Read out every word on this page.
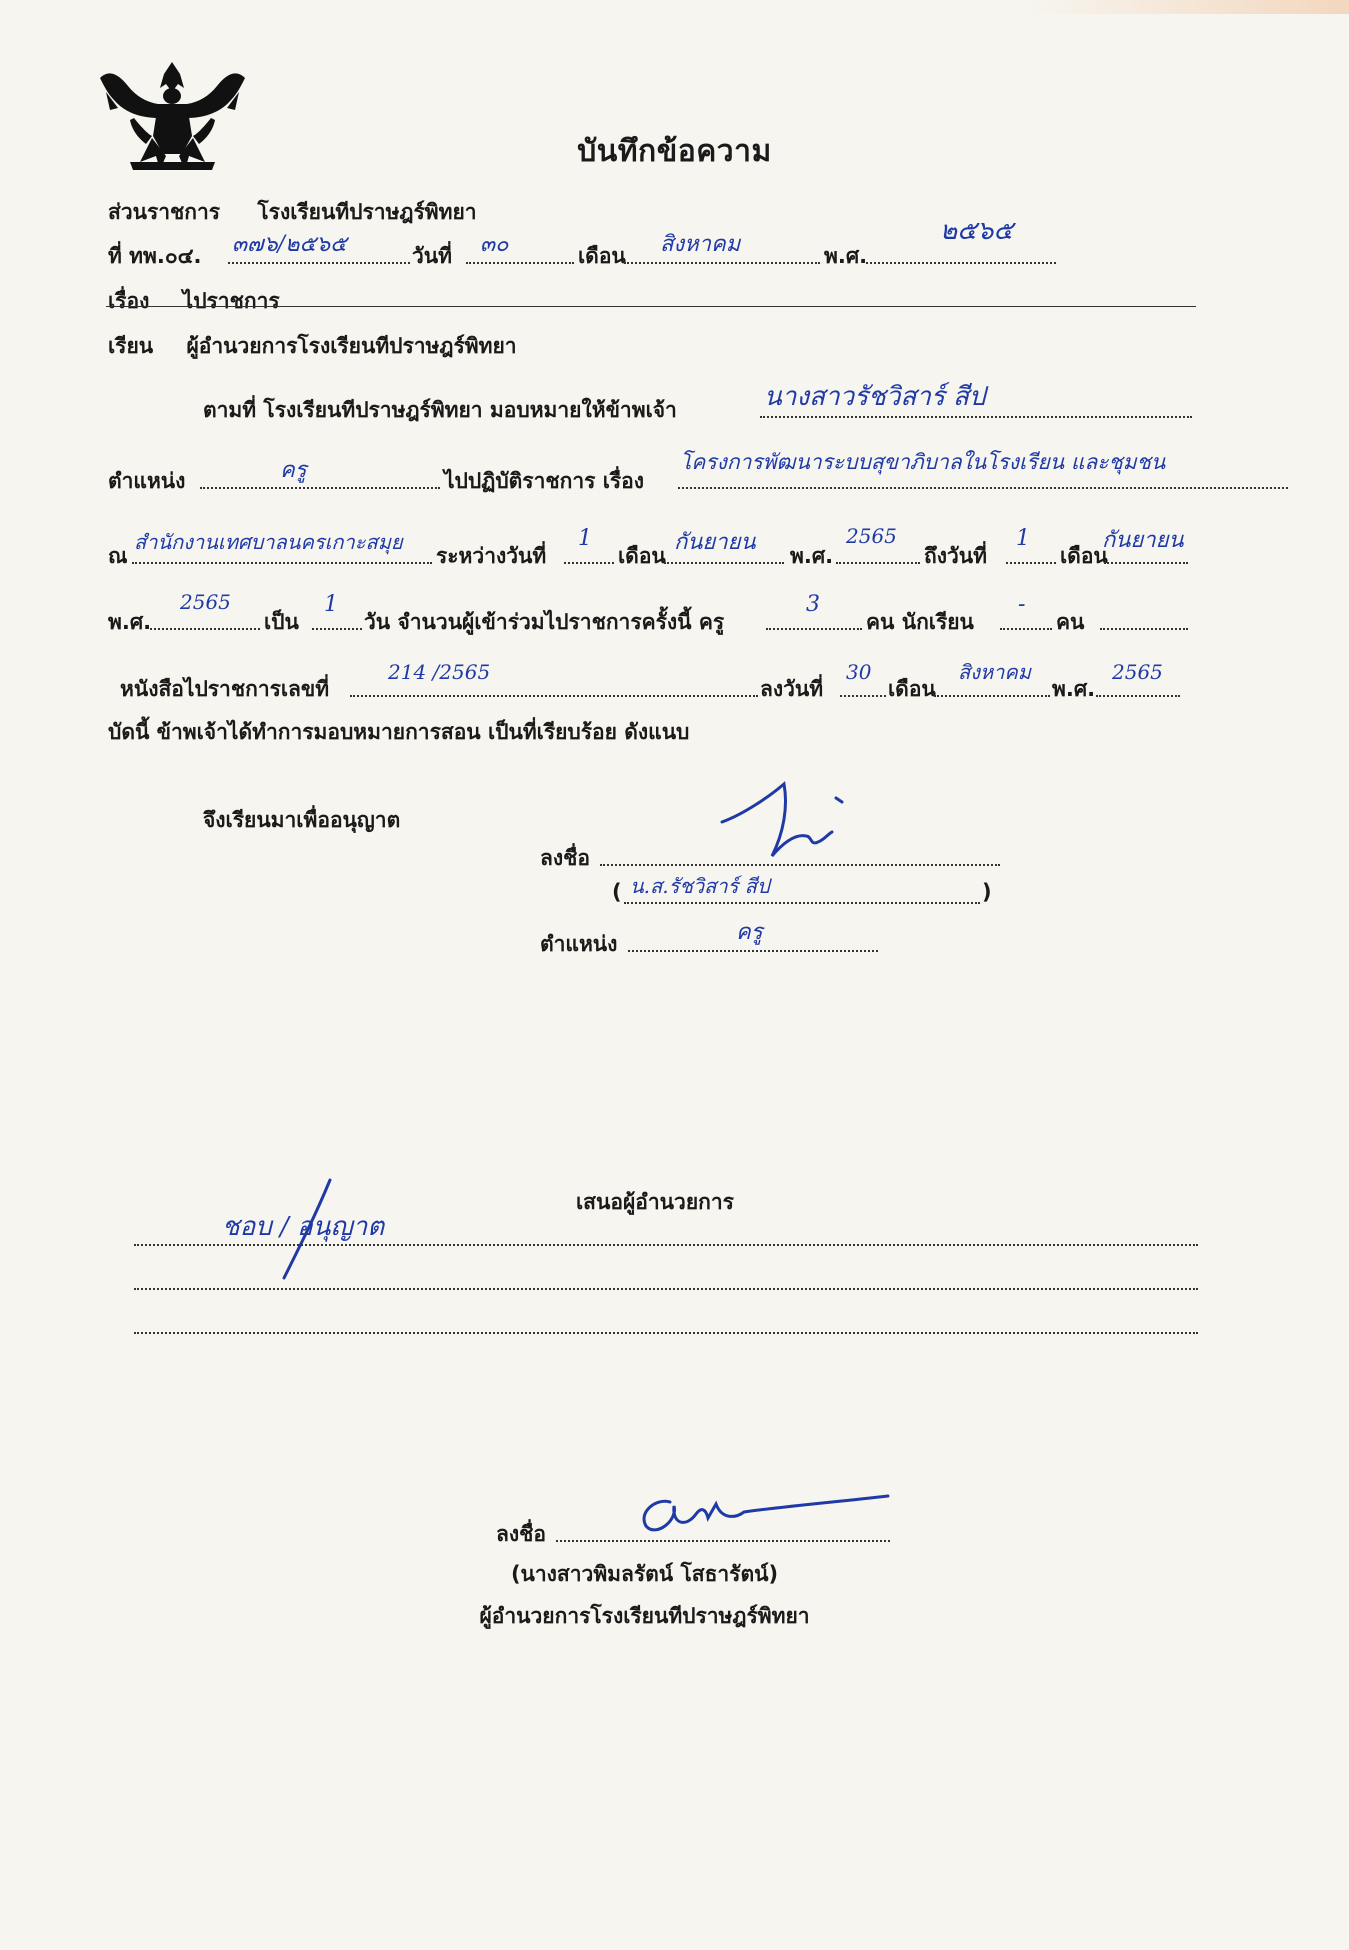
บันทึกข้อความ
ส่วนราชการ โรงเรียนทีปราษฎร์พิทยา
ที่ ทพ.๐๔. ๓๗๖/๒๕๖๕	วันที่ ๓๐	เดือน สิงหาคม	พ.ศ.
๒๕๖๕
เรื่อง ไปราชการ
เรียน ผู้อำนวยการโรงเรียนทีปราษฎร์พิทยา
ตามที่ โรงเรียนทีปราษฎร์พิทยา มอบหมายให้ข้าพเจ้า	นางสาวรัชวิสาร์ สีป
ตำแหน่ง	ครู	ไปปฏิบัติราชการ เรื่อง
โครงการพัฒนาระบบสุขาภิบาลในโรงเรียน และชุมชน
ณ
สำนักงานเทศบาลนครเกาะสมุย
ระหว่างวันที่
1
เดือน
กันยายน
พ.ศ.
2565
ถึงวันที่
1
เดือน
กันยายน
พ.ศ.
2565
เป็น
1
วัน จำนวนผู้เข้าร่วมไปราชการครั้งนี้ ครู
3
คน นักเรียน
-
คน
หนังสือไปราชการเลขที่
214 /2565
ลงวันที่
30
เดือน
สิงหาคม
พ.ศ.
2565
บัดนี้ ข้าพเจ้าได้ทำการมอบหมายการสอน เป็นที่เรียบร้อย ดังแนบ
จึงเรียนมาเพื่ออนุญาต
ลงชื่อ
( น.ส.รัชวิสาร์ สีป	)
ตำแหน่ง	ครู
เสนอผู้อำนวยการ
ชอบ / อนุญาต
ลงชื่อ
(นางสาวพิมลรัตน์ โสธารัตน์)
ผู้อำนวยการโรงเรียนทีปราษฎร์พิทยา
